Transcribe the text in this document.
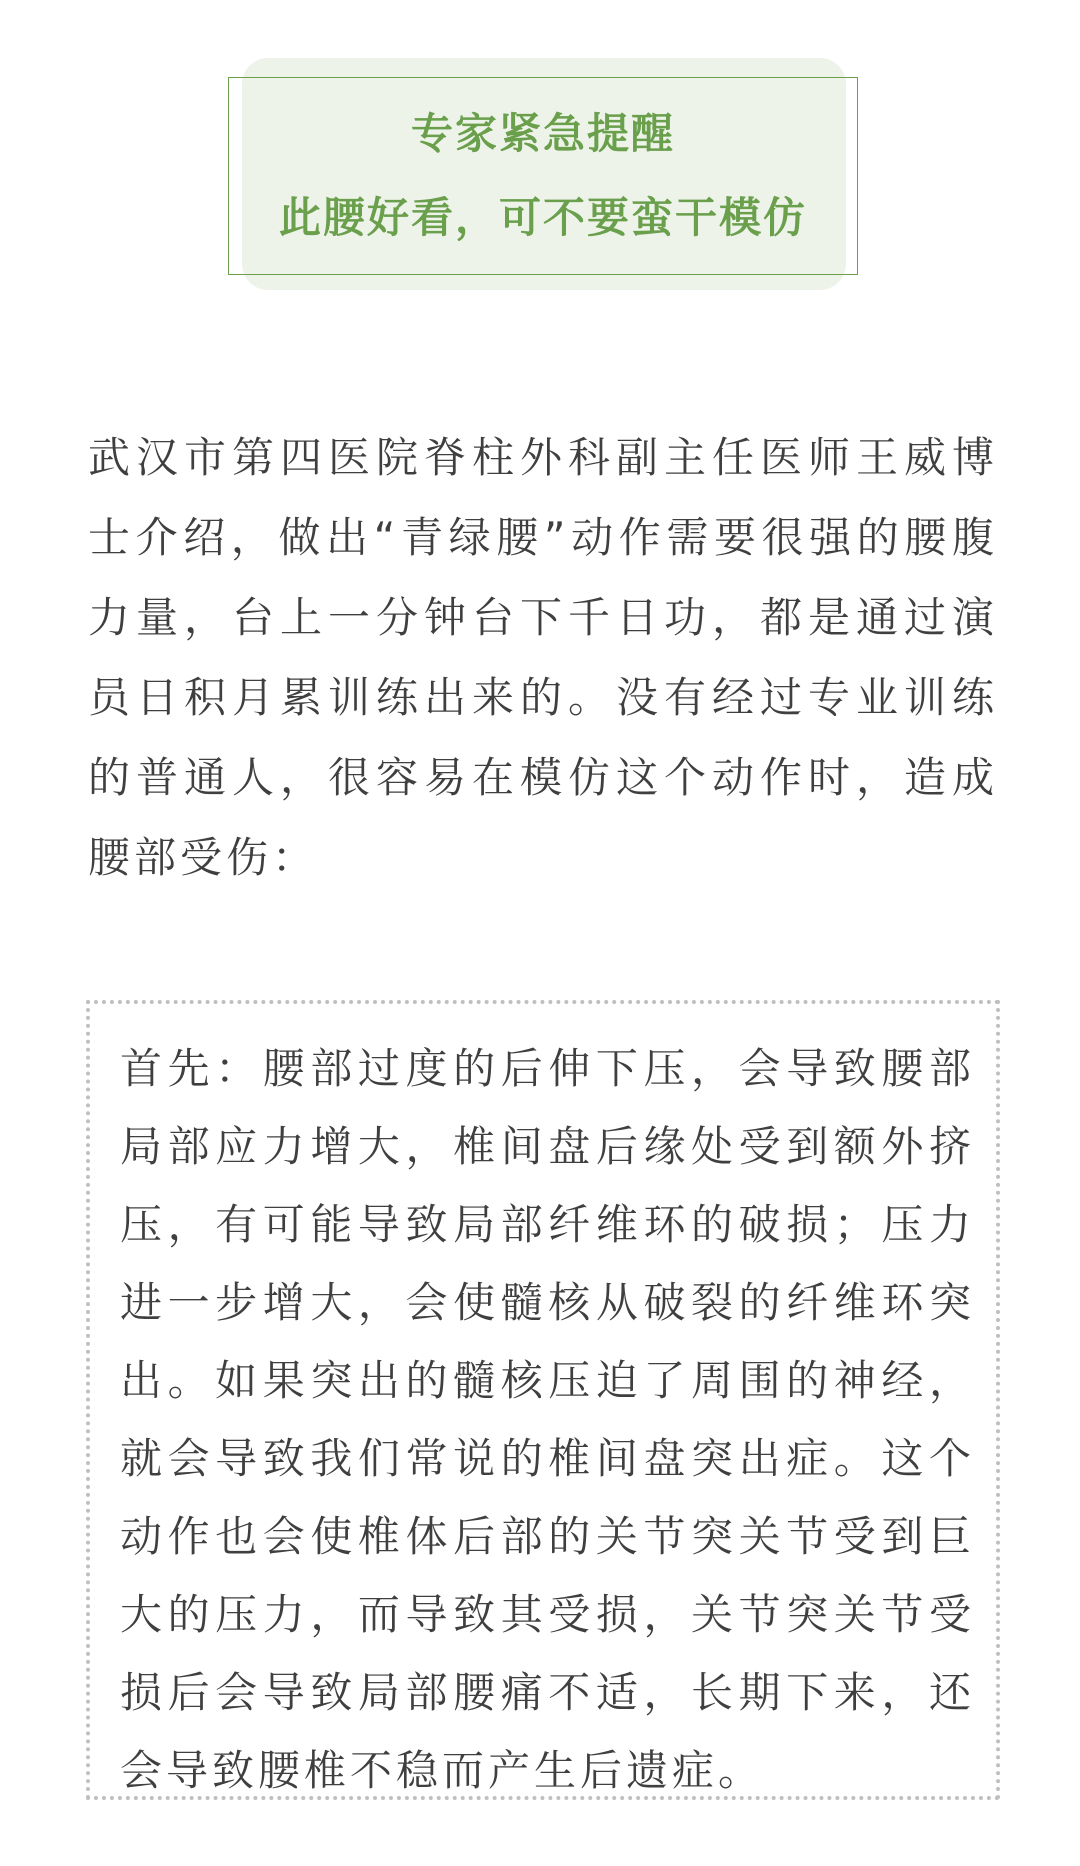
专家紧急提醒
此腰好看，可不要蛮干模仿

武汉市第四医院脊柱外科副主任医师王威博士介绍，做出“青绿腰”动作需要很强的腰腹力量，台上一分钟台下千日功，都是通过演员日积月累训练出来的。没有经过专业训练的普通人，很容易在模仿这个动作时，造成腰部受伤：

首先：腰部过度的后伸下压，会导致腰部局部应力增大，椎间盘后缘处受到额外挤压，有可能导致局部纤维环的破损；压力进一步增大，会使髓核从破裂的纤维环突出。如果突出的髓核压迫了周围的神经，就会导致我们常说的椎间盘突出症。这个动作也会使椎体后部的关节突关节受到巨大的压力，而导致其受损，关节突关节受损后会导致局部腰痛不适，长期下来，还会导致腰椎不稳而产生后遗症。
